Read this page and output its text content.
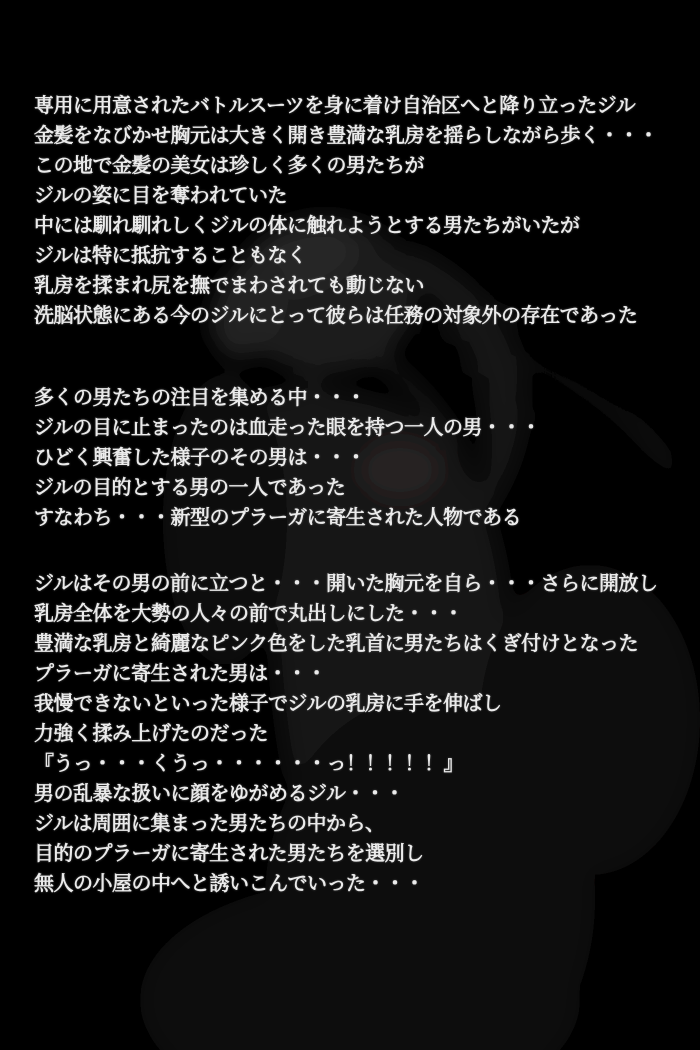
専用に用意されたバトルスーツを身に着け自治区へと降り立ったジル
金髪をなびかせ胸元は大きく開き豊満な乳房を揺らしながら歩く・・・
この地で金髪の美女は珍しく多くの男たちが
ジルの姿に目を奪われていた
中には馴れ馴れしくジルの体に触れようとする男たちがいたが
ジルは特に抵抗することもなく
乳房を揉まれ尻を撫でまわされても動じない
洗脳状態にある今のジルにとって彼らは任務の対象外の存在であった

多くの男たちの注目を集める中・・・
ジルの目に止まったのは血走った眼を持つ一人の男・・・
ひどく興奮した様子のその男は・・・
ジルの目的とする男の一人であった
すなわち・・・新型のプラーガに寄生された人物である

ジルはその男の前に立つと・・・開いた胸元を自ら・・・さらに開放し
乳房全体を大勢の人々の前で丸出しにした・・・
豊満な乳房と綺麗なピンク色をした乳首に男たちはくぎ付けとなった
プラーガに寄生された男は・・・
我慢できないといった様子でジルの乳房に手を伸ばし
力強く揉み上げたのだった
『うっ・・・くうっ・・・・・・っ！！！！！』
男の乱暴な扱いに顔をゆがめるジル・・・
ジルは周囲に集まった男たちの中から、
目的のプラーガに寄生された男たちを選別し
無人の小屋の中へと誘いこんでいった・・・
